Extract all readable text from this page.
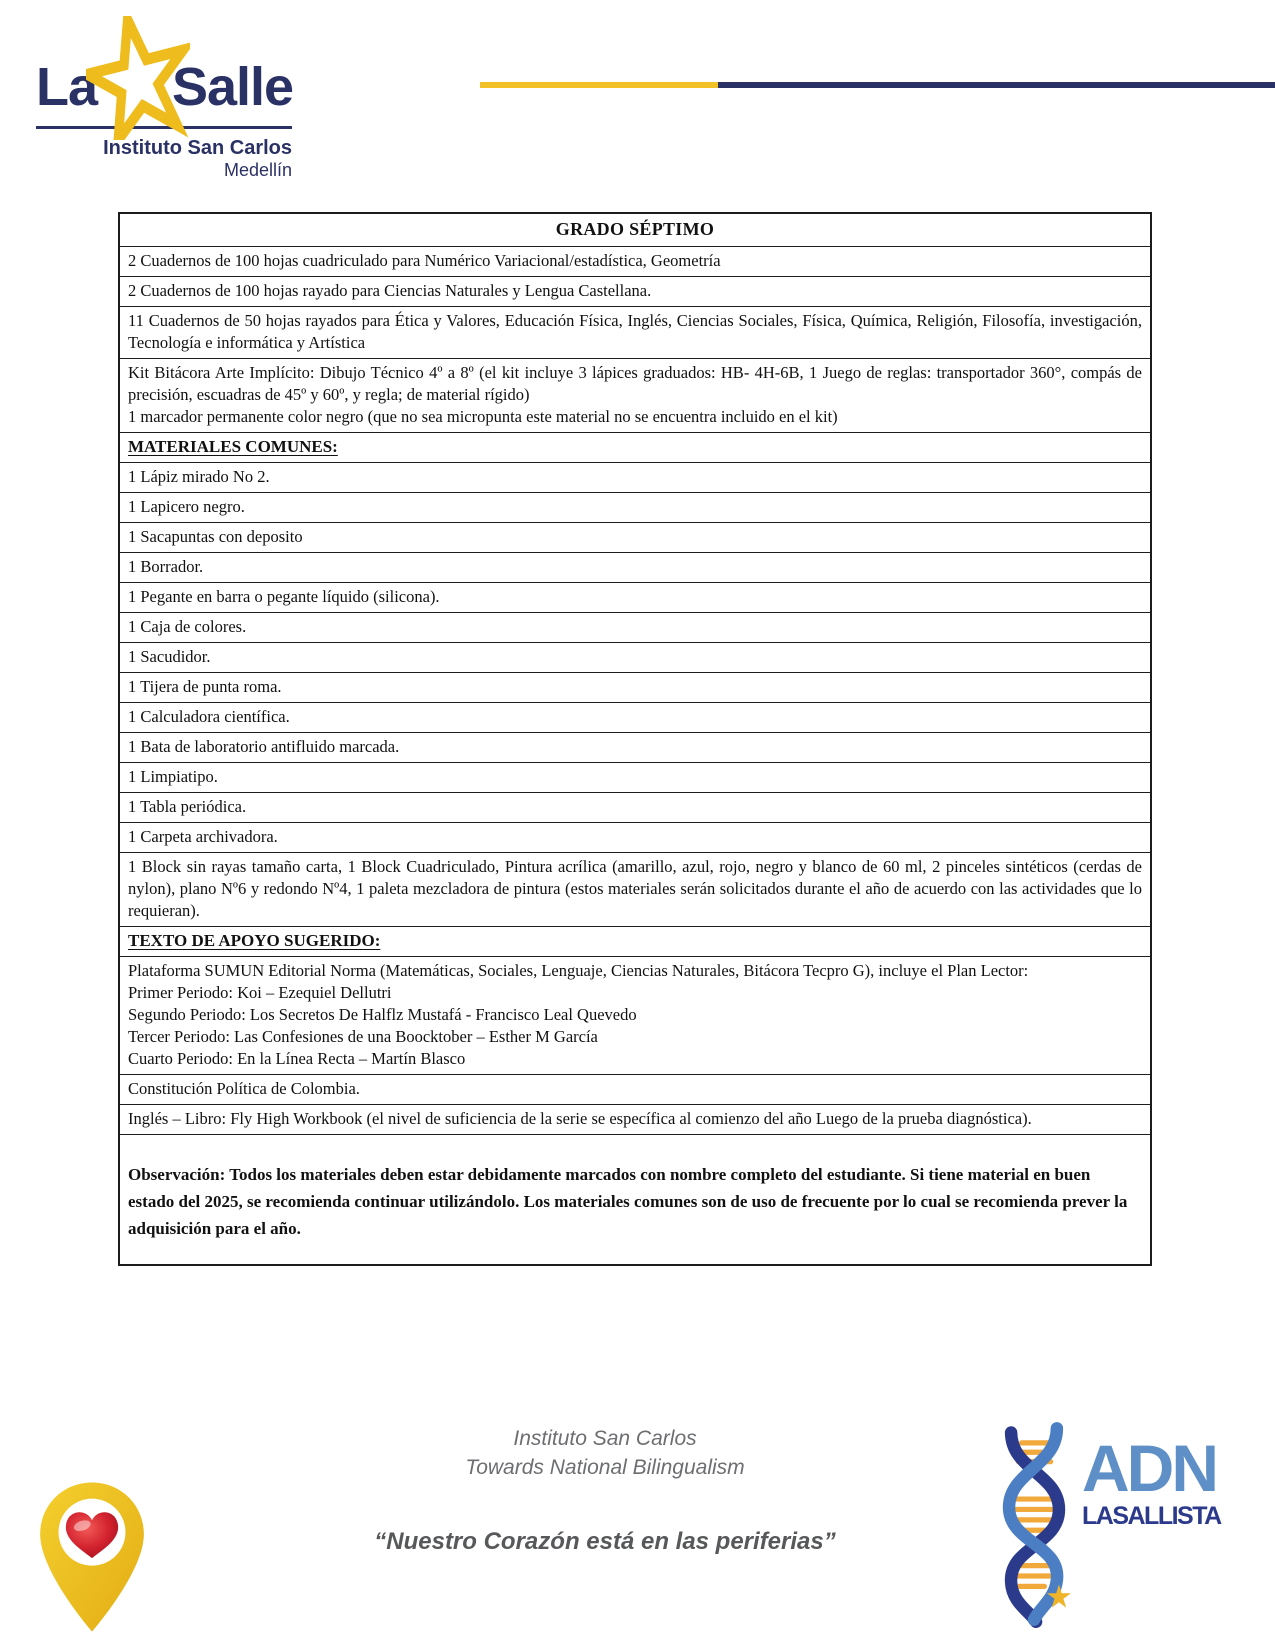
La Salle
Instituto San Carlos
Medellín
GRADO SÉPTIMO
2 Cuadernos de 100 hojas cuadriculado para Numérico Variacional/estadística, Geometría
2 Cuadernos de 100 hojas rayado para Ciencias Naturales y Lengua Castellana.
11 Cuadernos de 50 hojas rayados para Ética y Valores, Educación Física, Inglés, Ciencias Sociales, Física, Química, Religión, Filosofía, investigación, Tecnología e informática y Artística
Kit Bitácora Arte Implícito: Dibujo Técnico 4º a 8º (el kit incluye 3 lápices graduados: HB- 4H-6B, 1 Juego de reglas: transportador 360°, compás de precisión, escuadras de 45º y 60º, y regla; de material rígido)
1 marcador permanente color negro (que no sea micropunta este material no se encuentra incluido en el kit)
MATERIALES COMUNES:
1 Lápiz mirado No 2.
1 Lapicero negro.
1 Sacapuntas con deposito
1 Borrador.
1 Pegante en barra o pegante líquido (silicona).
1 Caja de colores.
1 Sacudidor.
1 Tijera de punta roma.
1 Calculadora científica.
1 Bata de laboratorio antifluido marcada.
1 Limpiatipo.
1 Tabla periódica.
1 Carpeta archivadora.
1 Block sin rayas tamaño carta, 1 Block Cuadriculado, Pintura acrílica (amarillo, azul, rojo, negro y blanco de 60 ml, 2 pinceles sintéticos (cerdas de nylon), plano Nº6 y redondo Nº4, 1 paleta mezcladora de pintura (estos materiales serán solicitados durante el año de acuerdo con las actividades que lo requieran).
TEXTO DE APOYO SUGERIDO:
Plataforma SUMUN Editorial Norma (Matemáticas, Sociales, Lenguaje, Ciencias Naturales, Bitácora Tecpro G), incluye el Plan Lector:
Primer Periodo: Koi – Ezequiel Dellutri
Segundo Periodo: Los Secretos De Halflz Mustafá - Francisco Leal Quevedo
Tercer Periodo: Las Confesiones de una Boocktober – Esther M García
Cuarto Periodo: En la Línea Recta – Martín Blasco
Constitución Política de Colombia.
Inglés – Libro: Fly High Workbook (el nivel de suficiencia de la serie se específica al comienzo del año Luego de la prueba diagnóstica).
Observación: Todos los materiales deben estar debidamente marcados con nombre completo del estudiante. Si tiene material en buen estado del 2025, se recomienda continuar utilizándolo. Los materiales comunes son de uso de frecuente por lo cual se recomienda prever la adquisición para el año.
Instituto San Carlos
Towards National Bilingualism
“Nuestro Corazón está en las periferias”
ADN
LASALLISTA
